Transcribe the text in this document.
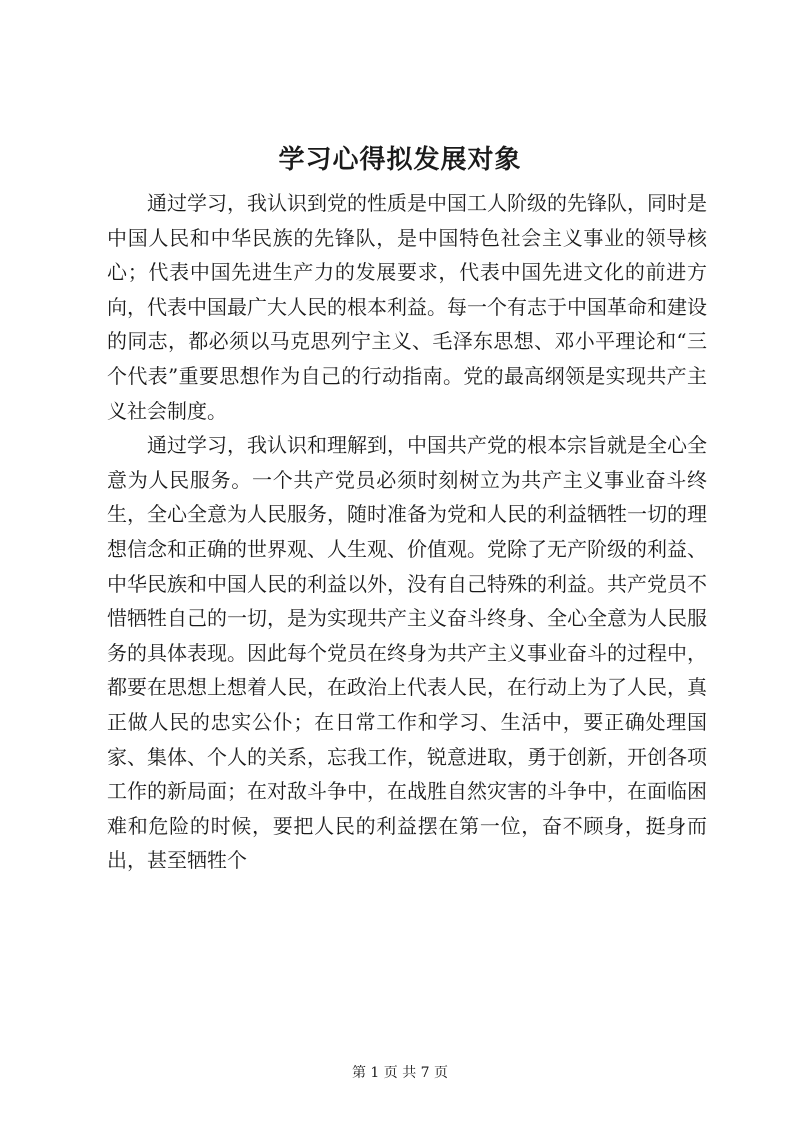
学习心得拟发展对象

通过学习，我认识到党的性质是中国工人阶级的先锋队，同时是中国人民和中华民族的先锋队，是中国特色社会主义事业的领导核心；代表中国先进生产力的发展要求，代表中国先进文化的前进方向，代表中国最广大人民的根本利益。每一个有志于中国革命和建设的同志，都必须以马克思列宁主义、毛泽东思想、邓小平理论和“三个代表”重要思想作为自己的行动指南。党的最高纲领是实现共产主义社会制度。

通过学习，我认识和理解到，中国共产党的根本宗旨就是全心全意为人民服务。一个共产党员必须时刻树立为共产主义事业奋斗终生，全心全意为人民服务，随时准备为党和人民的利益牺牲一切的理想信念和正确的世界观、人生观、价值观。党除了无产阶级的利益、中华民族和中国人民的利益以外，没有自己特殊的利益。共产党员不惜牺牲自己的一切，是为实现共产主义奋斗终身、全心全意为人民服务的具体表现。因此每个党员在终身为共产主义事业奋斗的过程中，都要在思想上想着人民，在政治上代表人民，在行动上为了人民，真正做人民的忠实公仆；在日常工作和学习、生活中，要正确处理国家、集体、个人的关系，忘我工作，锐意进取，勇于创新，开创各项工作的新局面；在对敌斗争中，在战胜自然灾害的斗争中，在面临困难和危险的时候，要把人民的利益摆在第一位，奋不顾身，挺身而出，甚至牺牲个

第 1 页 共 7 页
